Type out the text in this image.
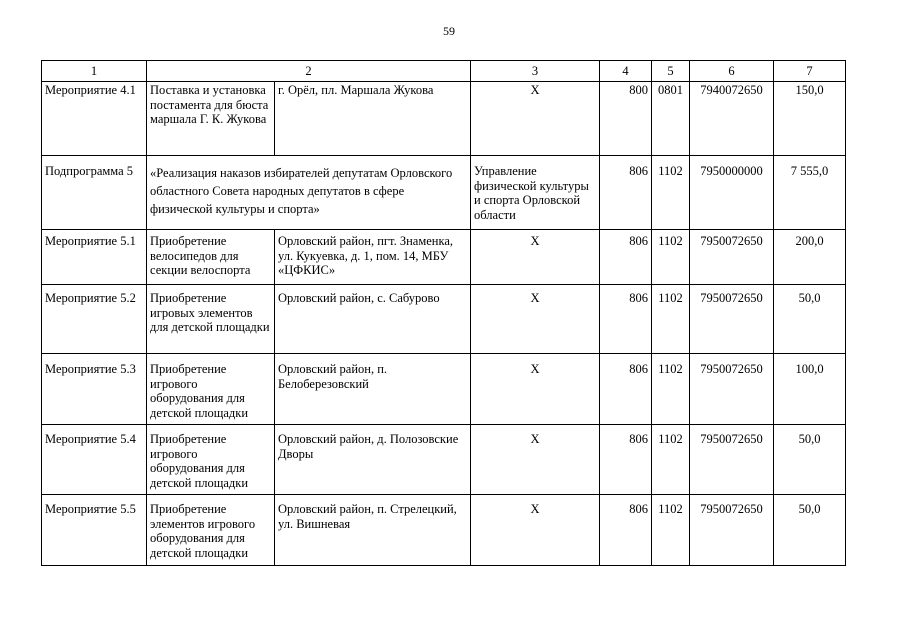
59
1	2		3	4	5	6	7
Мероприятие 4.1	Поставка и установка постамента для бюста маршала Г. К. Жукова	г. Орёл, пл. Маршала Жукова	Х	800	0801	7940072650	150,0
Подпрограмма 5	«Реализация наказов избирателей депутатам Орловского областного Совета народных депутатов в сфере физической культуры и спорта»		Управление физической культуры и спорта Орловской области	806	1102	7950000000	7 555,0
Мероприятие 5.1	Приобретение велосипедов для секции велоспорта	Орловский район, пгт. Знаменка, ул. Кукуевка, д. 1, пом. 14, МБУ «ЦФКИС»	Х	806	1102	7950072650	200,0
Мероприятие 5.2	Приобретение игровых элементов для детской площадки	Орловский район, с. Сабурово	Х	806	1102	7950072650	50,0
Мероприятие 5.3	Приобретение игрового оборудования для детской площадки	Орловский район, п. Белоберезовский	Х	806	1102	7950072650	100,0
Мероприятие 5.4	Приобретение игрового оборудования для детской площадки	Орловский район, д. Полозовские Дворы	Х	806	1102	7950072650	50,0
Мероприятие 5.5	Приобретение элементов игрового оборудования для детской площадки	Орловский район, п. Стрелецкий, ул. Вишневая	Х	806	1102	7950072650	50,0
